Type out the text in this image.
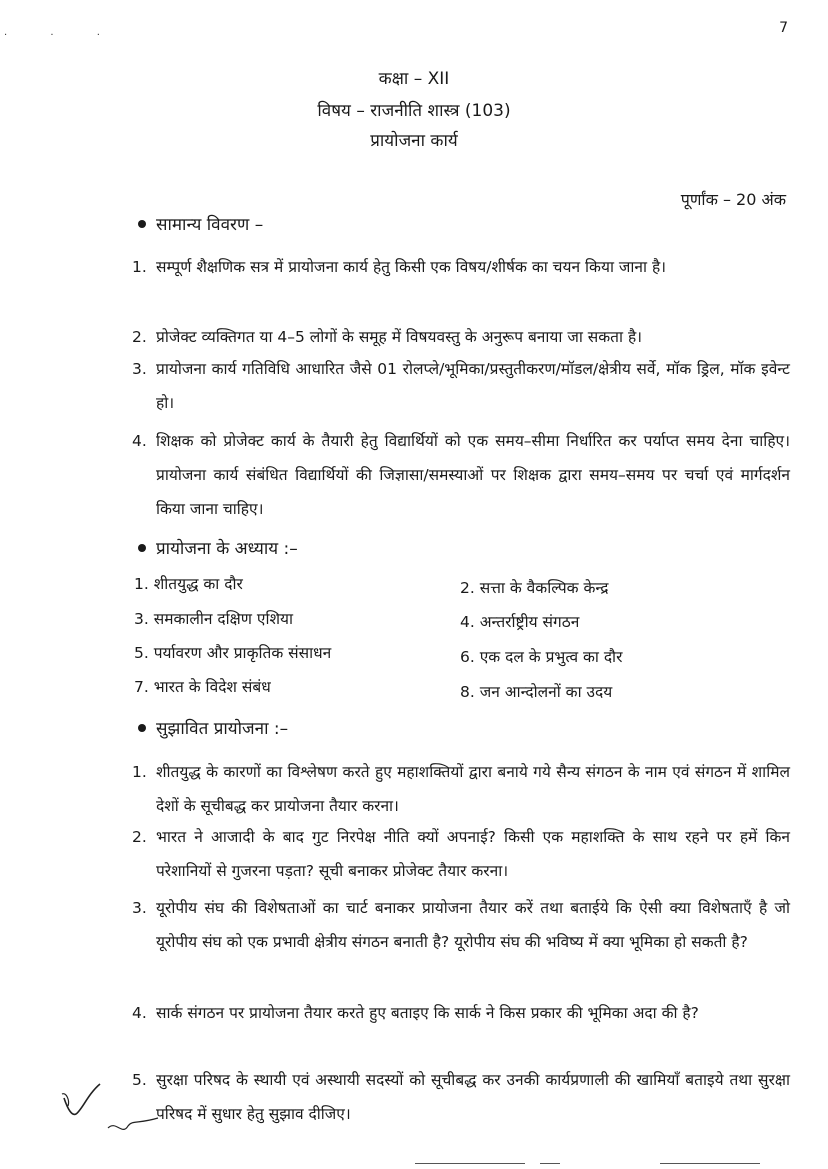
· · ·	7
कक्षा – XII
विषय – राजनीति शास्त्र (103)
प्रायोजना कार्य
पूर्णांक – 20 अंक
सामान्य विवरण –
1. सम्पूर्ण शैक्षणिक सत्र में प्रायोजना कार्य हेतु किसी एक विषय/शीर्षक का चयन किया जाना है।
2. प्रोजेक्ट व्यक्तिगत या 4–5 लोगों के समूह में विषयवस्तु के अनुरूप बनाया जा सकता है।
3. प्रायोजना कार्य गतिविधि आधारित जैसे 01 रोलप्ले/भूमिका/प्रस्तुतीकरण/मॉडल/क्षेत्रीय सर्वे, मॉक ड्रिल, मॉक इवेन्ट हो।
4. शिक्षक को प्रोजेक्ट कार्य के तैयारी हेतु विद्यार्थियों को एक समय–सीमा निर्धारित कर पर्याप्त समय देना चाहिए। प्रायोजना कार्य संबंधित विद्यार्थियों की जिज्ञासा/समस्याओं पर शिक्षक द्वारा समय–समय पर चर्चा एवं मार्गदर्शन किया जाना चाहिए।
प्रायोजना के अध्याय :–
1. शीतयुद्ध का दौर	2. सत्ता के वैकल्पिक केन्द्र
3. समकालीन दक्षिण एशिया	4. अन्तर्राष्ट्रीय संगठन
5. पर्यावरण और प्राकृतिक संसाधन	6. एक दल के प्रभुत्व का दौर
7. भारत के विदेश संबंध	8. जन आन्दोलनों का उदय
सुझावित प्रायोजना :–
1. शीतयुद्ध के कारणों का विश्लेषण करते हुए महाशक्तियों द्वारा बनाये गये सैन्य संगठन के नाम एवं संगठन में शामिल देशों के सूचीबद्ध कर प्रायोजना तैयार करना।
2. भारत ने आजादी के बाद गुट निरपेक्ष नीति क्यों अपनाई? किसी एक महाशक्ति के साथ रहने पर हमें किन परेशानियों से गुजरना पड़ता? सूची बनाकर प्रोजेक्ट तैयार करना।
3. यूरोपीय संघ की विशेषताओं का चार्ट बनाकर प्रायोजना तैयार करें तथा बताईये कि ऐसी क्या विशेषताएँ है जो यूरोपीय संघ को एक प्रभावी क्षेत्रीय संगठन बनाती है? यूरोपीय संघ की भविष्य में क्या भूमिका हो सकती है?
4. सार्क संगठन पर प्रायोजना तैयार करते हुए बताइए कि सार्क ने किस प्रकार की भूमिका अदा की है?
5. सुरक्षा परिषद के स्थायी एवं अस्थायी सदस्यों को सूचीबद्ध कर उनकी कार्यप्रणाली की खामियाँ बताइये तथा सुरक्षा परिषद में सुधार हेतु सुझाव दीजिए।
